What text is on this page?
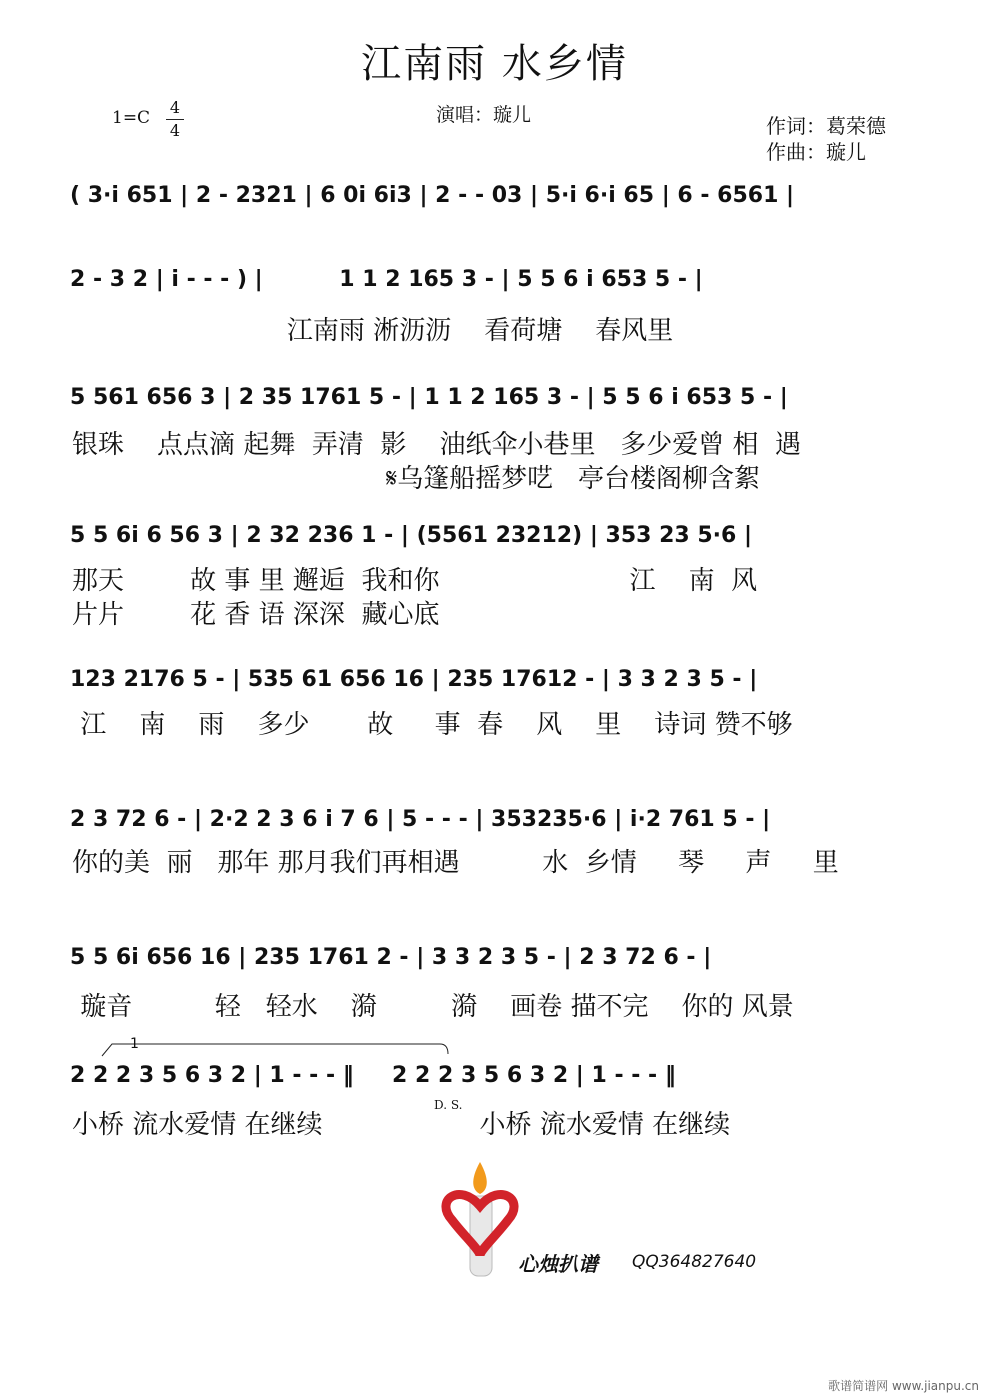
江南雨 水乡情
1=C
4
4
演唱：璇儿	作词：葛荣德
作曲：璇儿
( 3·i 651 | 2 - 2321 | 6 0i 6i3 | 2 - - 03 | 5·i 6·i 65 | 6 - 6561 |
2 - 3 2 | i - - - ) |          1 1 2 165 3 - | 5 5 6 i 653 5 - |
江南雨 淅沥沥    看荷塘    春风里
5 561 656 3 | 2 35 1761 5 - | 1 1 2 165 3 - | 5 5 6 i 653 5 - |
银珠    点点滴 起舞  弄清  影    油纸伞小巷里   多少爱曾 相  遇
𝄋乌篷船摇梦呓   亭台楼阁柳含絮
5 5 6i 6 56 3 | 2 32 236 1 - | (5561 23212) | 353 23 5·6 |
那天        故 事 里 邂逅  我和你                       江    南  风
片片        花 香 语 深深  藏心底
123 2176 5 - | 535 61 656 16 | 235 17612 - | 3 3 2 3 5 - |
江    南    雨    多少       故     事  春    风    里    诗词 赞不够
2 3 72 6 - | 2·2 2 3 6 i 7 6 | 5 - - - | 353235·6 | i·2 761 5 - |
你的美  丽   那年 那月我们再相遇          水  乡情     琴     声     里
5 5 6i 656 16 | 235 1761 2 - | 3 3 2 3 5 - | 2 3 72 6 - |
璇音          轻   轻水    漪         漪    画卷 描不完    你的 风景
1
2 2 2 3 5 6 3 2 | 1 - - - ‖     2 2 2 3 5 6 3 2 | 1 - - - ‖
D. S.
小桥 流水爱情 在继续                   小桥 流水爱情 在继续
心烛扒谱 QQ364827640
歌谱简谱网 www.jianpu.cn
